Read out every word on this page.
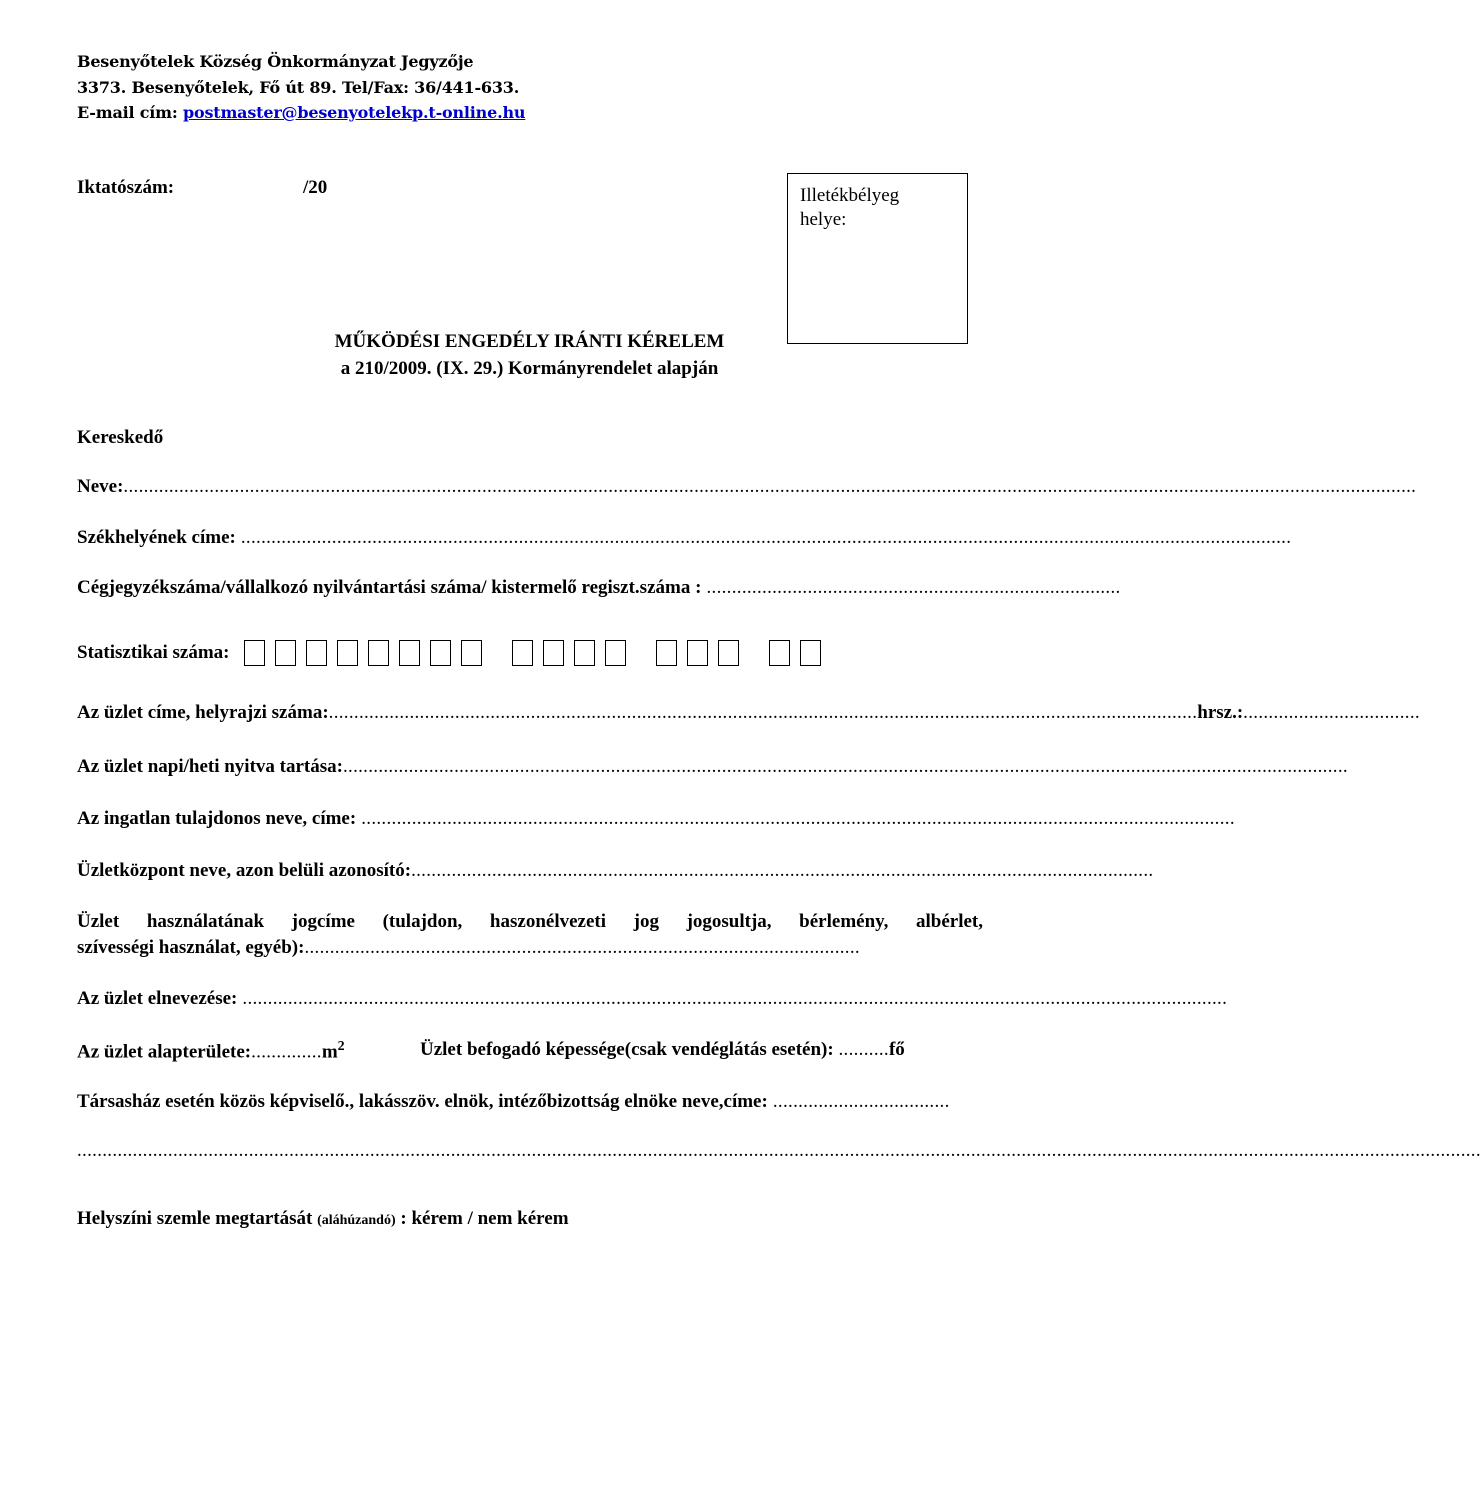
Besenyőtelek Község Önkormányzat Jegyzője
3373. Besenyőtelek, Fő út 89. Tel/Fax: 36/441-633.
E-mail cím: postmaster@besenyotelekp.t-online.hu
Iktatószám:	/20	Illetékbélyeg
helye:
MŰKÖDÉSI ENGEDÉLY IRÁNTI KÉRELEM
a 210/2009. (IX. 29.) Kormányrendelet alapján
Kereskedő
Neve: ................................................................................................................................................................................................................................................................
Székhelyének címe: ................................................................................................................................................................................................................
Cégjegyzékszáma/vállalkozó nyilvántartási száma/ kistermelő regiszt.száma : ..................................................................................
Statisztikai száma:
Az üzlet címe, helyrajzi száma: ............................................................................................................................................................................ hrsz.: ...................................
Az üzlet napi/heti nyitva tartása: .......................................................................................................................................................................................................
Az ingatlan tulajdonos neve, címe: .............................................................................................................................................................................
Üzletközpont neve, azon belüli azonosító: ...................................................................................................................................................
Üzlet használatának jogcíme (tulajdon, haszonélvezeti jog jogosultja, bérlemény, albérlet,
szívességi használat, egyéb): ..............................................................................................................
Az üzlet elnevezése: ...................................................................................................................................................................................................
Az üzlet $alapterülete:..............m^2$	Üzlet befogadó képessége(csak vendéglátás esetén): ..........fő
Társasház esetén közös képviselő., lakásszöv. elnök, intézőbizottság elnöke neve,címe: ...................................
......................................................................................................................................................................................................................................................................................
Helyszíni szemle megtartását (aláhúzandó) : kérem / nem kérem
